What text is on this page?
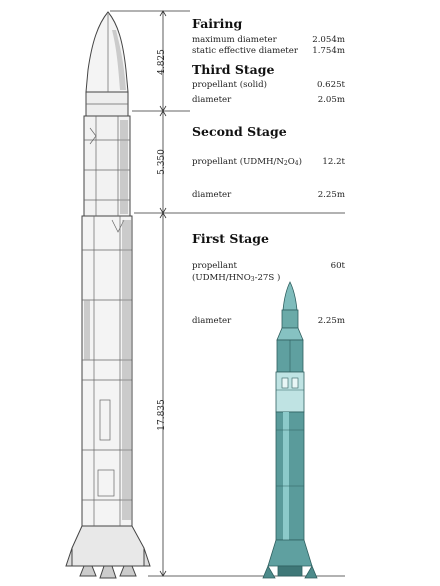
4.825
5.350
17.835
Fairing
maximum diameter	2.054m
static effective diameter 1.754m
Third Stage
propellant (solid)	0.625t
diameter	2.05m
Second Stage
propellant $(UDMH/N_2O_4)$ 12.2t
diameter	2.25m
First Stage
propellant	60t
($UDMH/HNO_3-27S$ )
diameter	2.25m
